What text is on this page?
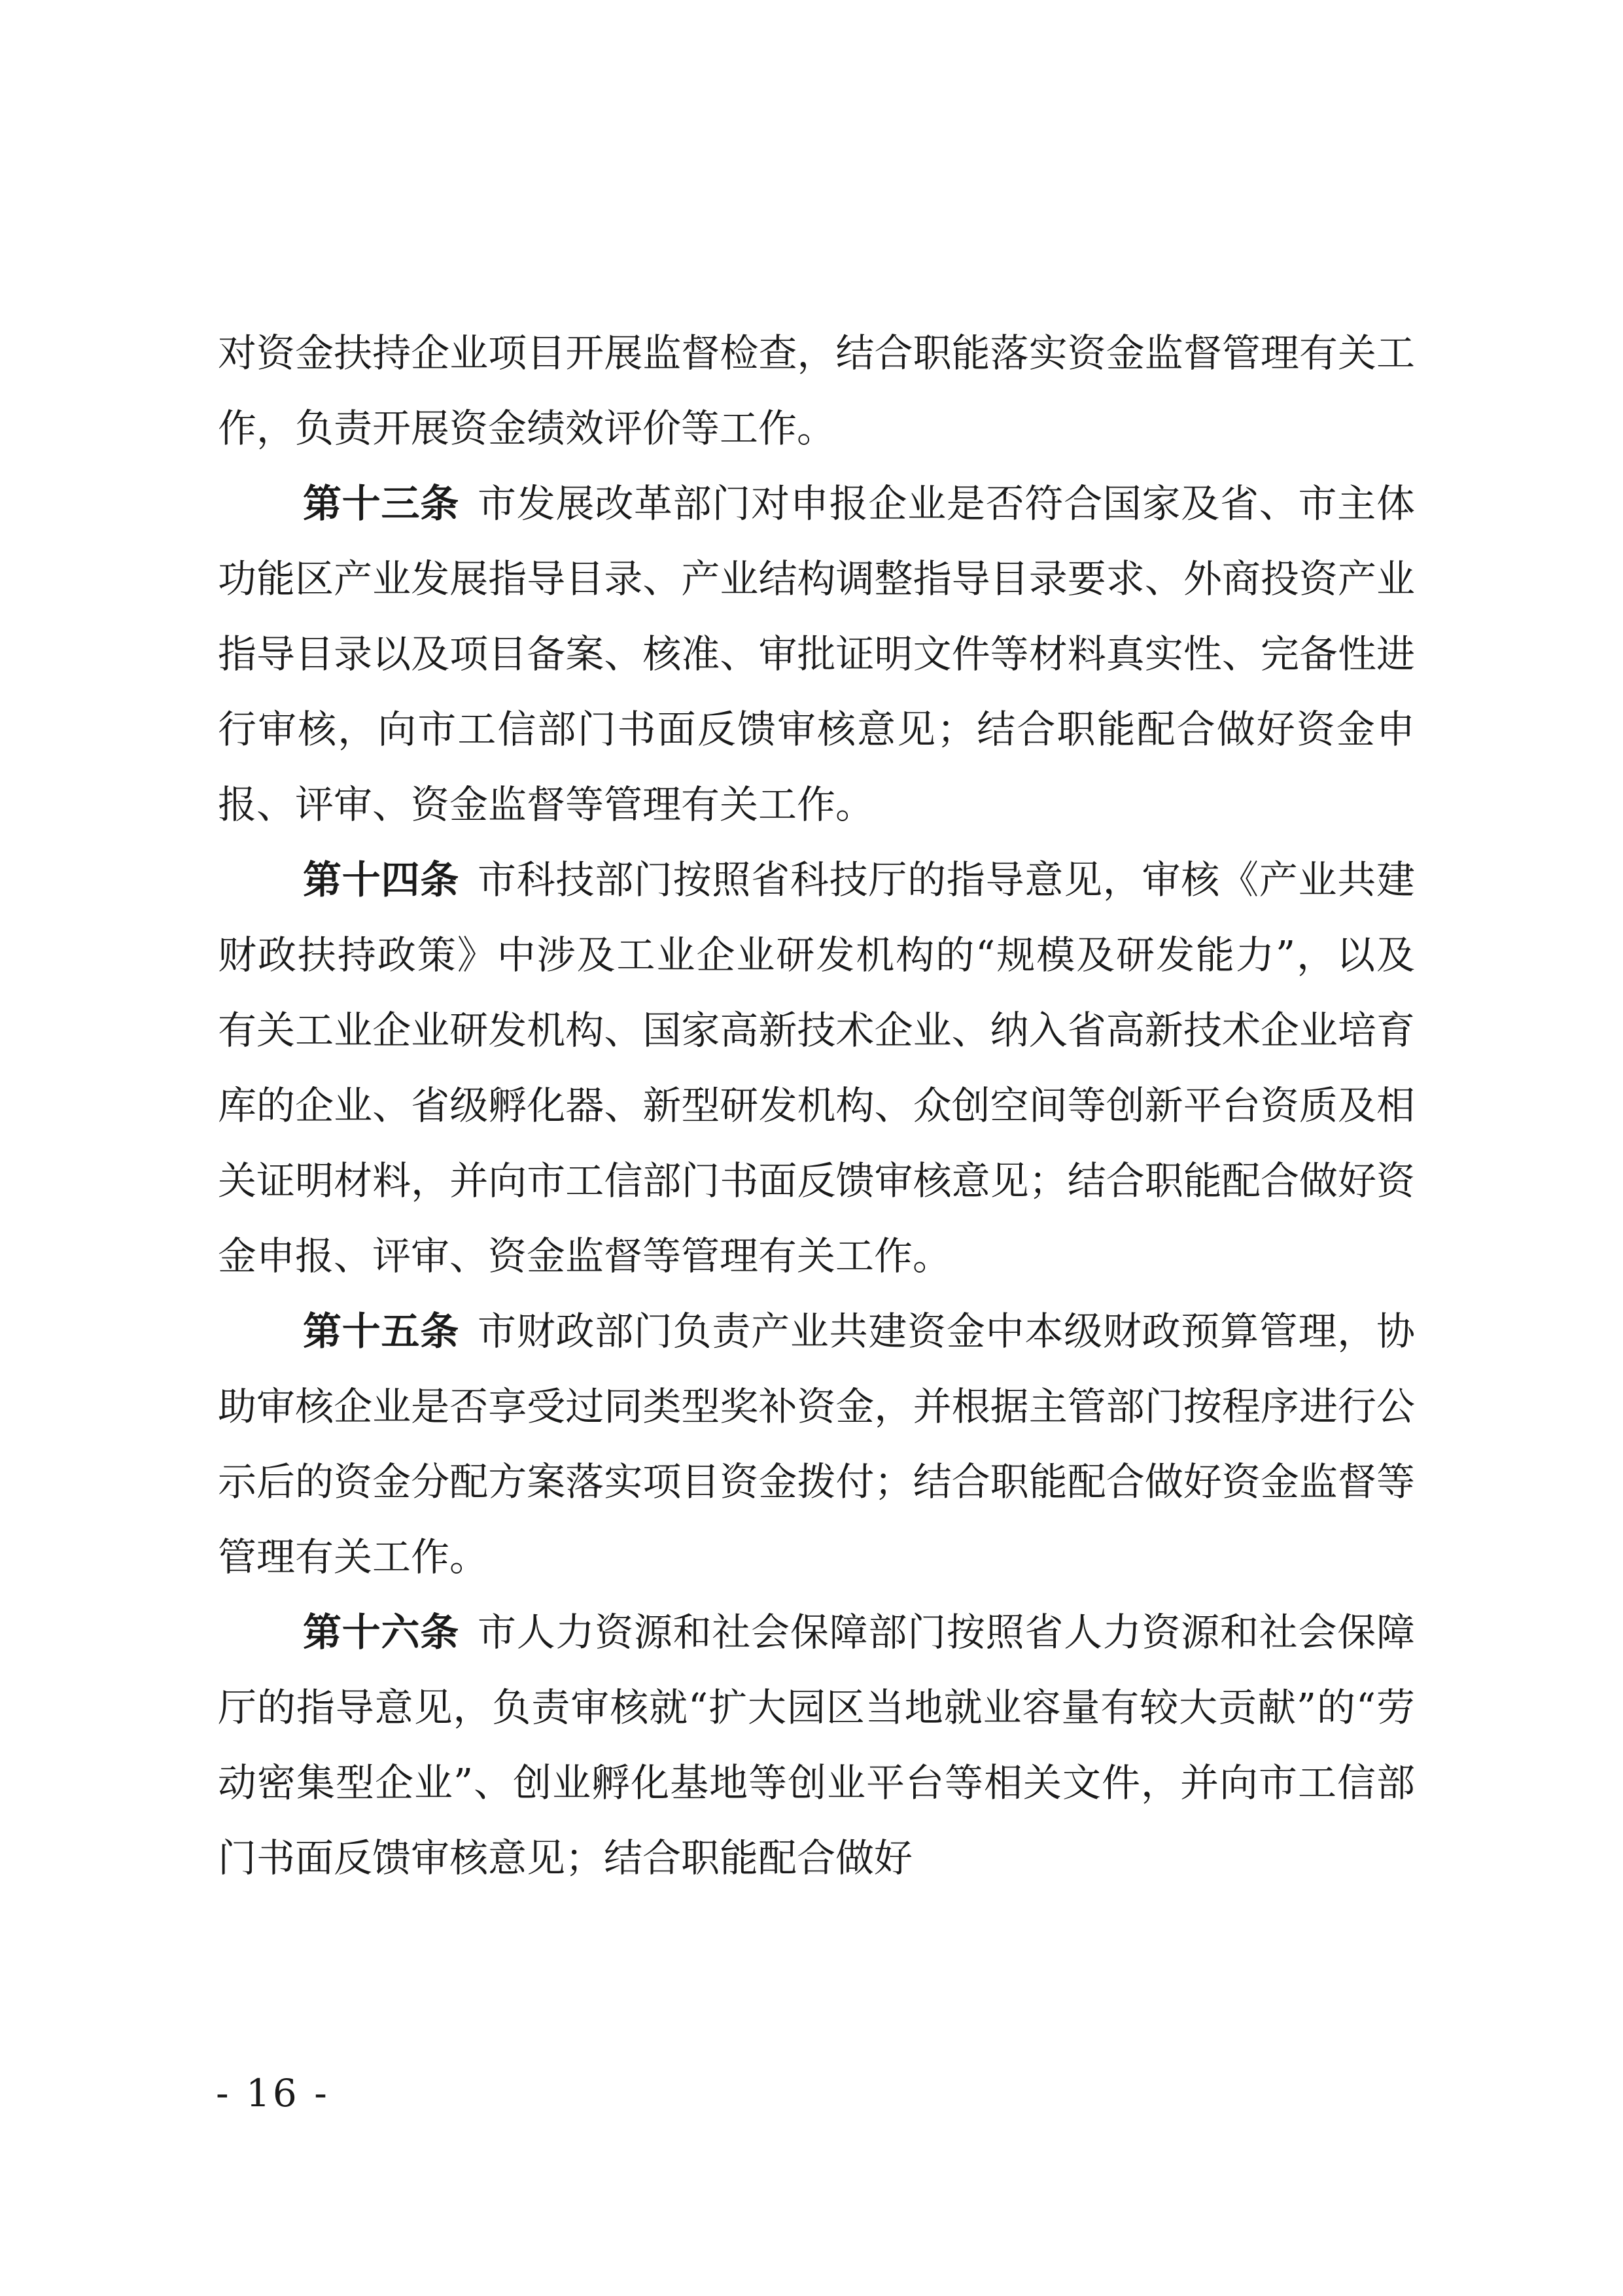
对资金扶持企业项目开展监督检查，结合职能落实资金监督管理有关工作，负责开展资金绩效评价等工作。

第十三条 市发展改革部门对申报企业是否符合国家及省、市主体功能区产业发展指导目录、产业结构调整指导目录要求、外商投资产业指导目录以及项目备案、核准、审批证明文件等材料真实性、完备性进行审核，向市工信部门书面反馈审核意见；结合职能配合做好资金申报、评审、资金监督等管理有关工作。

第十四条 市科技部门按照省科技厅的指导意见，审核《产业共建财政扶持政策》中涉及工业企业研发机构的“规模及研发能力”，以及有关工业企业研发机构、国家高新技术企业、纳入省高新技术企业培育库的企业、省级孵化器、新型研发机构、众创空间等创新平台资质及相关证明材料，并向市工信部门书面反馈审核意见；结合职能配合做好资金申报、评审、资金监督等管理有关工作。

第十五条 市财政部门负责产业共建资金中本级财政预算管理，协助审核企业是否享受过同类型奖补资金，并根据主管部门按程序进行公示后的资金分配方案落实项目资金拨付；结合职能配合做好资金监督等管理有关工作。

第十六条 市人力资源和社会保障部门按照省人力资源和社会保障厅的指导意见，负责审核就“扩大园区当地就业容量有较大贡献”的“劳动密集型企业”、创业孵化基地等创业平台等相关文件，并向市工信部门书面反馈审核意见；结合职能配合做好

- 16 -
